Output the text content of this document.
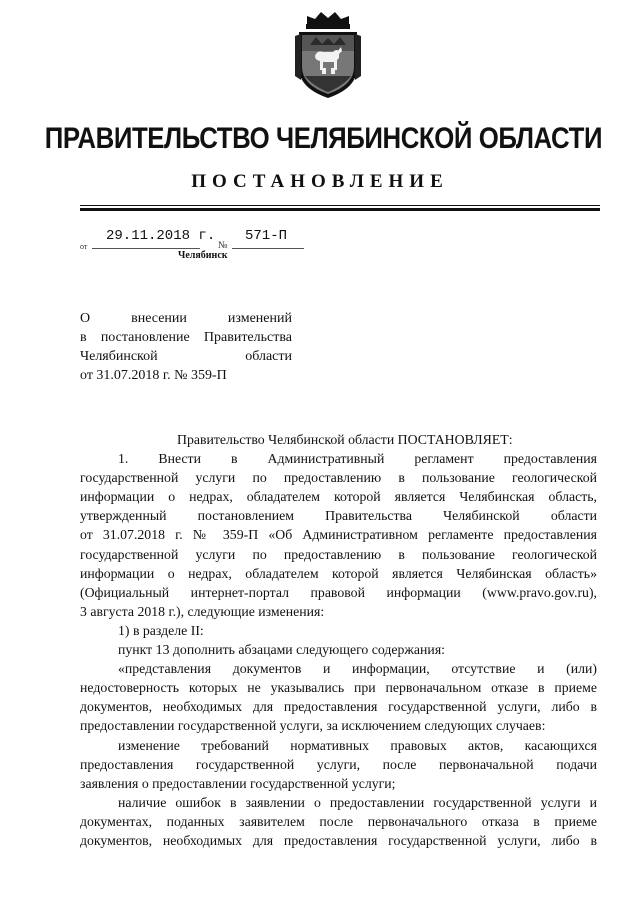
ПРАВИТЕЛЬСТВО ЧЕЛЯБИНСКОЙ ОБЛАСТИ
ПОСТАНОВЛЕНИЕ
от
29.11.2018 г.
№
571-П
Челябинск
О внесении изменений
в постановление Правительства
Челябинской области
от 31.07.2018 г. № 359-П
Правительство Челябинской области ПОСТАНОВЛЯЕТ:
1. Внести в Административный регламент предоставления
государственной услуги по предоставлению в пользование геологической
информации о недрах, обладателем которой является Челябинская область,
утвержденный постановлением Правительства Челябинской области
от 31.07.2018 г. № 359-П «Об Административном регламенте предоставления
государственной услуги по предоставлению в пользование геологической
информации о недрах, обладателем которой является Челябинская область»
(Официальный интернет-портал правовой информации (www.pravo.gov.ru),
3 августа 2018 г.), следующие изменения:
1) в разделе II:
пункт 13 дополнить абзацами следующего содержания:
«представления документов и информации, отсутствие и (или)
недостоверность которых не указывались при первоначальном отказе в приеме
документов, необходимых для предоставления государственной услуги, либо в
предоставлении государственной услуги, за исключением следующих случаев:
изменение требований нормативных правовых актов, касающихся
предоставления государственной услуги, после первоначальной подачи
заявления о предоставлении государственной услуги;
наличие ошибок в заявлении о предоставлении государственной услуги и
документах, поданных заявителем после первоначального отказа в приеме
документов, необходимых для предоставления государственной услуги, либо в
